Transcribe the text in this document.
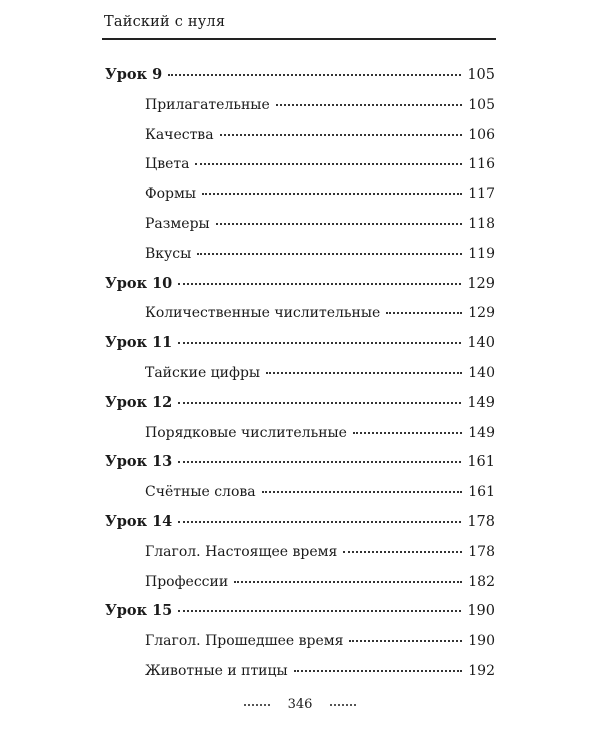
Тайский с нуля
Урок 9	105
Прилагательные	105
Качества	106
Цвета	116
Формы	117
Размеры	118
Вкусы	119
Урок 10	129
Количественные числительные	129
Урок 11	140
Тайские цифры	140
Урок 12	149
Порядковые числительные	149
Урок 13	161
Счётные слова	161
Урок 14	178
Глагол. Настоящее время	178
Профессии	182
Урок 15	190
Глагол. Прошедшее время	190
Животные и птицы	192
346
